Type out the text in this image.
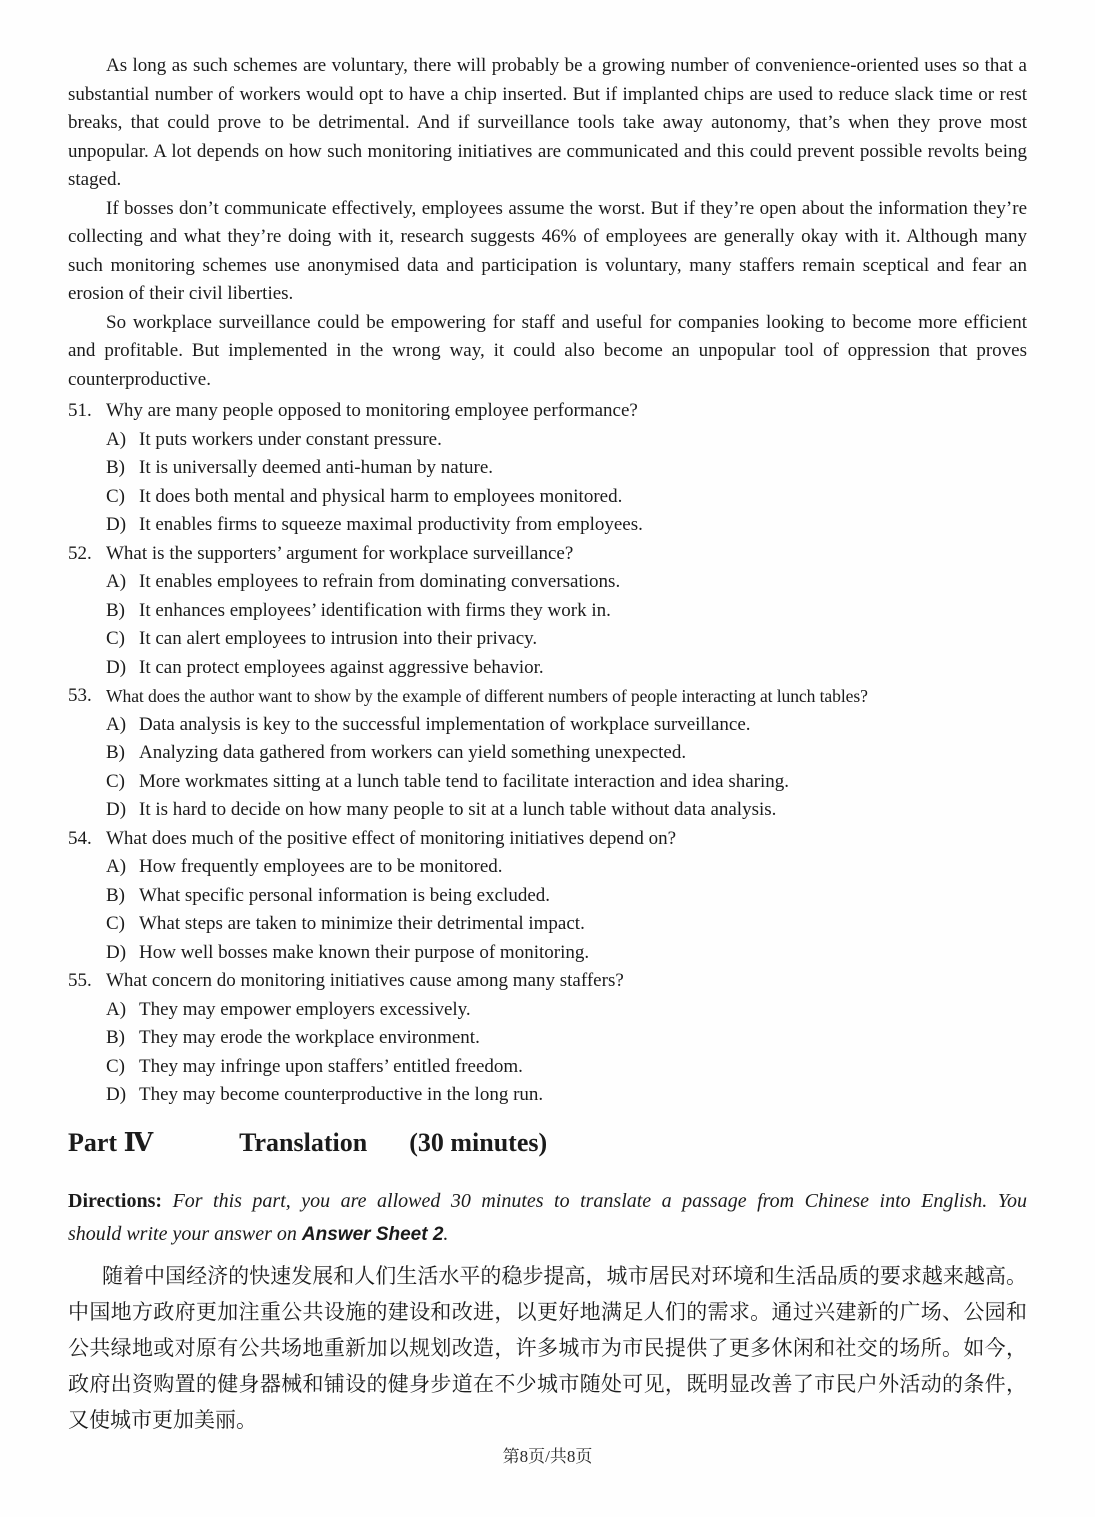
As long as such schemes are voluntary, there will probably be a growing number of convenience-oriented uses so that a substantial number of workers would opt to have a chip inserted. But if implanted chips are used to reduce slack time or rest breaks, that could prove to be detrimental. And if surveillance tools take away autonomy, that’s when they prove most unpopular. A lot depends on how such monitoring initiatives are communicated and this could prevent possible revolts being staged.

If bosses don’t communicate effectively, employees assume the worst. But if they’re open about the information they’re collecting and what they’re doing with it, research suggests 46% of employees are generally okay with it. Although many such monitoring schemes use anonymised data and participation is voluntary, many staffers remain sceptical and fear an erosion of their civil liberties.

So workplace surveillance could be empowering for staff and useful for companies looking to become more efficient and profitable. But implemented in the wrong way, it could also become an unpopular tool of oppression that proves counterproductive.

51. Why are many people opposed to monitoring employee performance?
A) It puts workers under constant pressure.
B) It is universally deemed anti-human by nature.
C) It does both mental and physical harm to employees monitored.
D) It enables firms to squeeze maximal productivity from employees.
52. What is the supporters’ argument for workplace surveillance?
A) It enables employees to refrain from dominating conversations.
B) It enhances employees’ identification with firms they work in.
C) It can alert employees to intrusion into their privacy.
D) It can protect employees against aggressive behavior.
53. What does the author want to show by the example of different numbers of people interacting at lunch tables?
A) Data analysis is key to the successful implementation of workplace surveillance.
B) Analyzing data gathered from workers can yield something unexpected.
C) More workmates sitting at a lunch table tend to facilitate interaction and idea sharing.
D) It is hard to decide on how many people to sit at a lunch table without data analysis.
54. What does much of the positive effect of monitoring initiatives depend on?
A) How frequently employees are to be monitored.
B) What specific personal information is being excluded.
C) What steps are taken to minimize their detrimental impact.
D) How well bosses make known their purpose of monitoring.
55. What concern do monitoring initiatives cause among many staffers?
A) They may empower employers excessively.
B) They may erode the workplace environment.
C) They may infringe upon staffers’ entitled freedom.
D) They may become counterproductive in the long run.
Part Ⅳ	Translation (30 minutes)
Directions: For this part, you are allowed 30 minutes to translate a passage from Chinese into English. You
should write your answer on Answer Sheet 2.

随着中国经济的快速发展和人们生活水平的稳步提高，城市居民对环境和生活品质的要求越来越高。中国地方政府更加注重公共设施的建设和改进，以更好地满足人们的需求。通过兴建新的广场、公园和公共绿地或对原有公共场地重新加以规划改造，许多城市为市民提供了更多休闲和社交的场所。如今，政府出资购置的健身器械和铺设的健身步道在不少城市随处可见，既明显改善了市民户外活动的条件，又使城市更加美丽。

第8页/共8页
